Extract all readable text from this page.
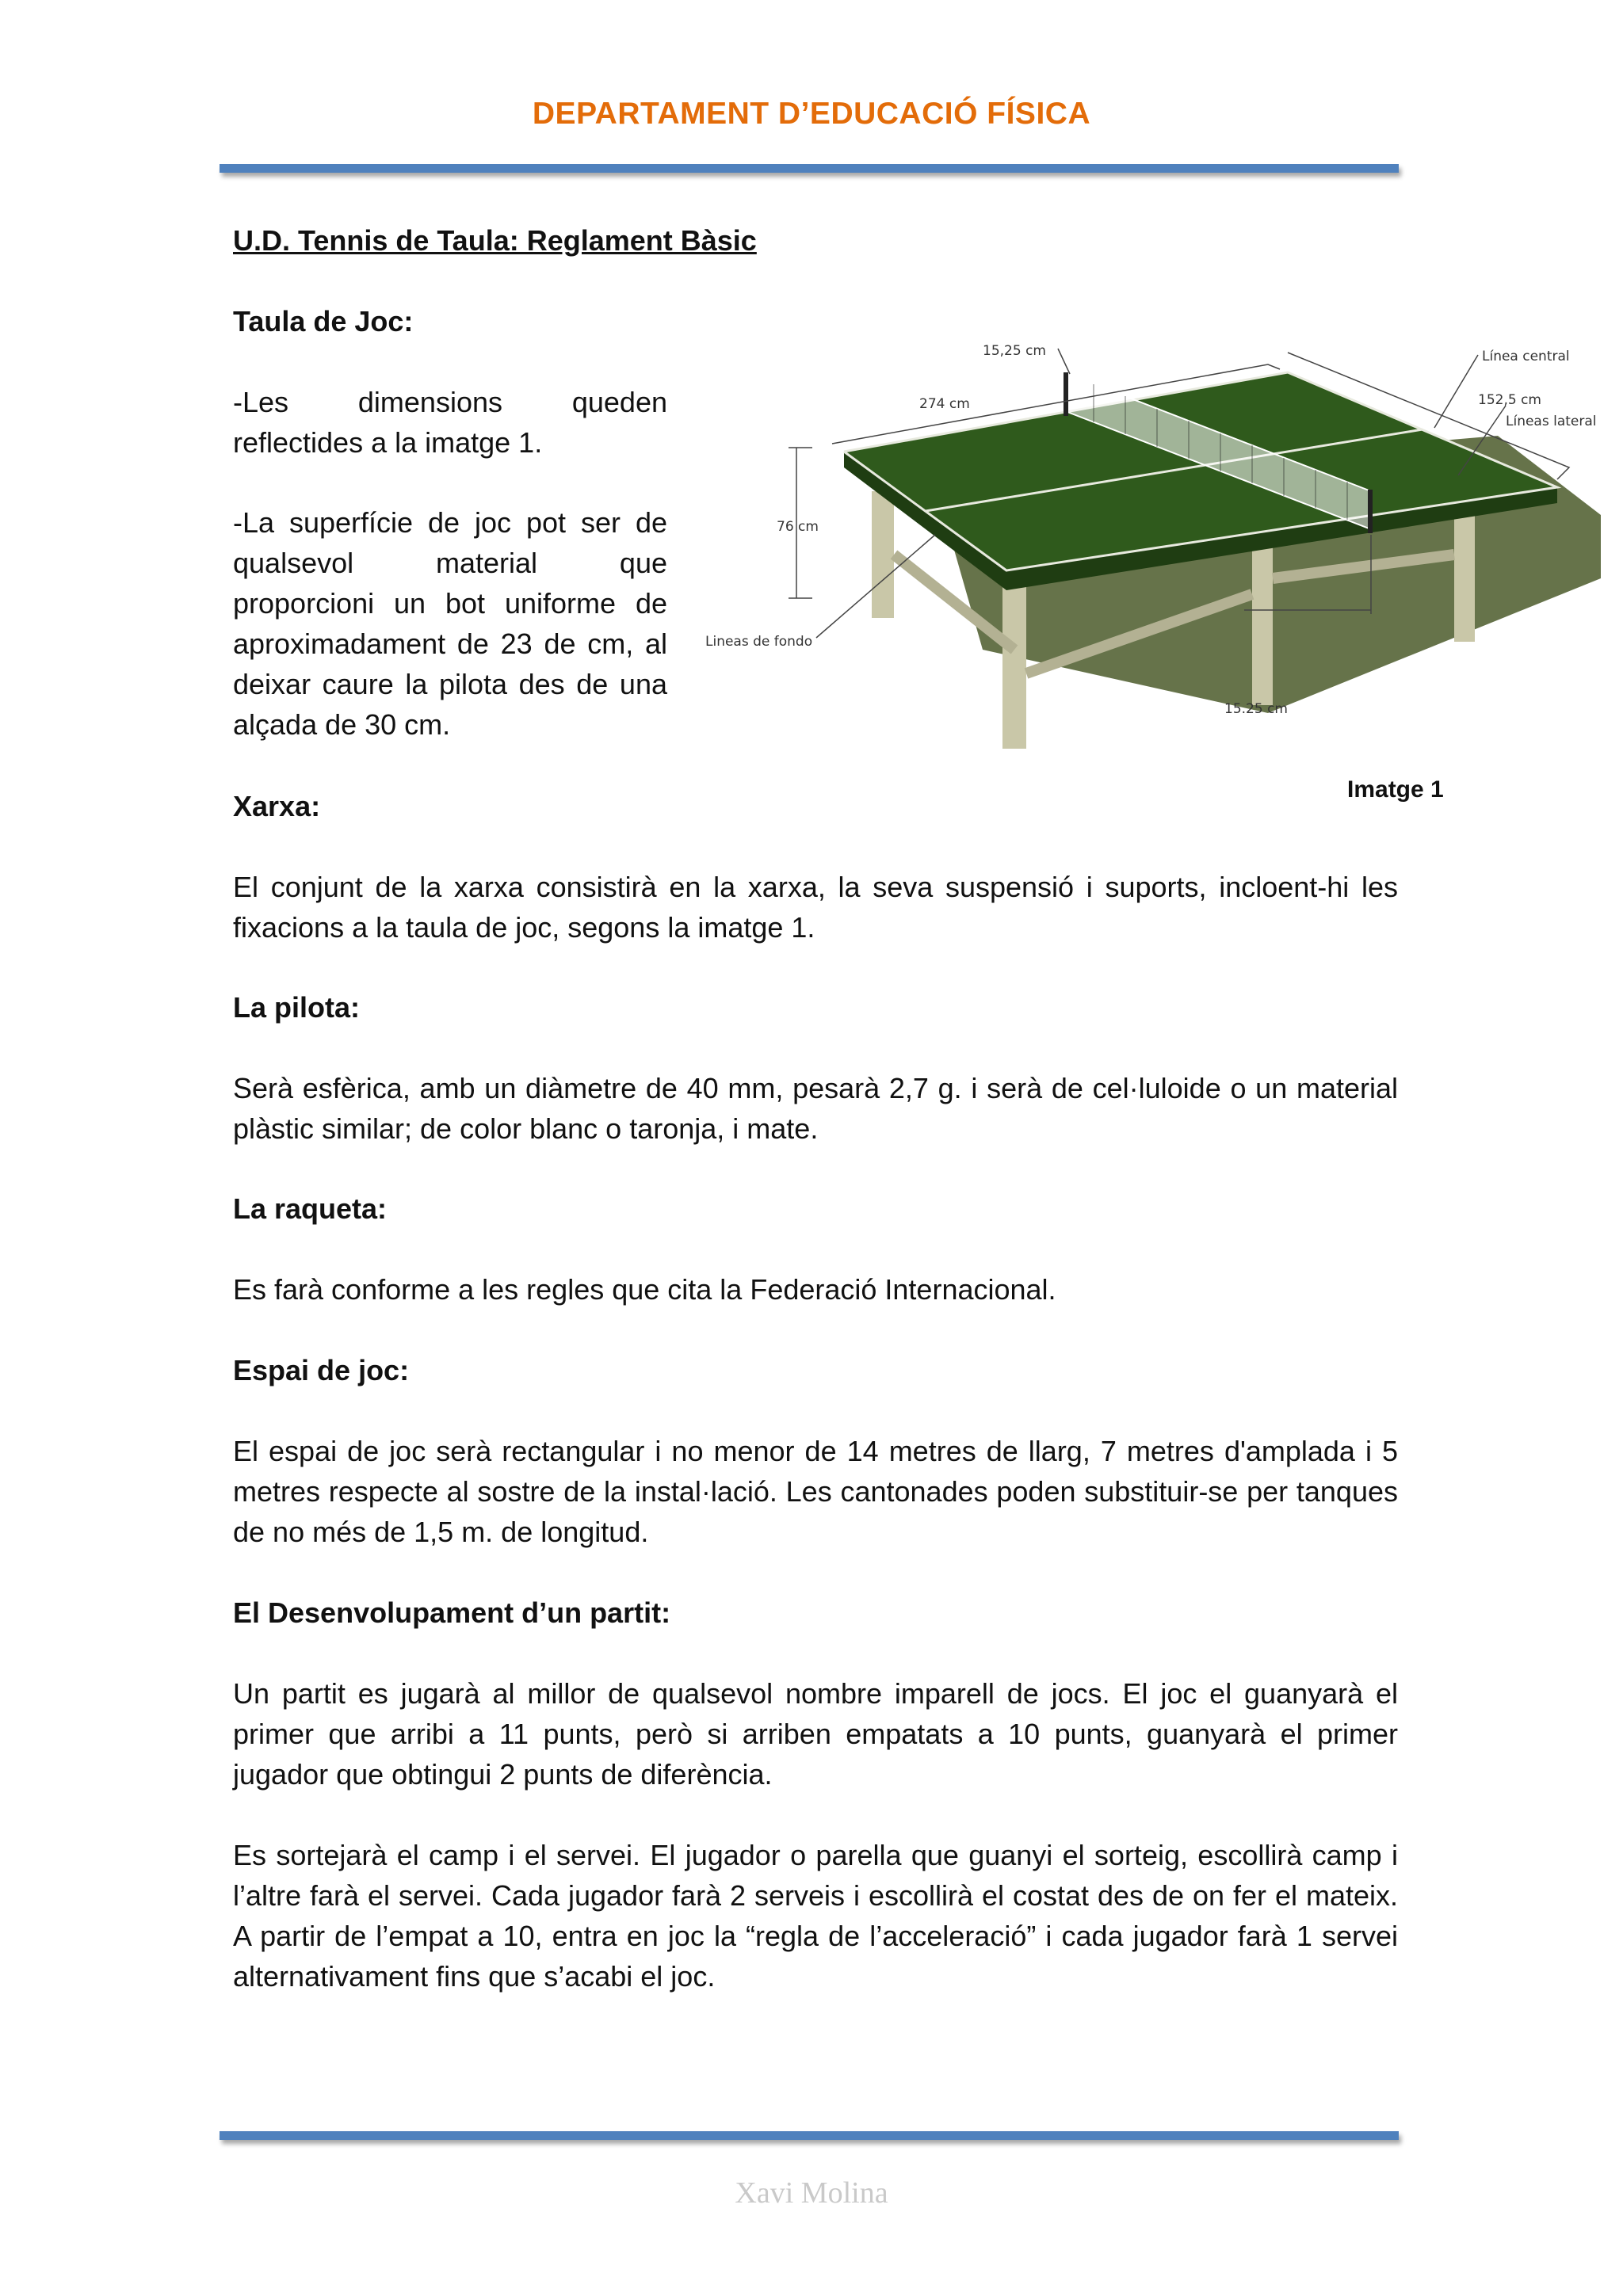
DEPARTAMENT D’EDUCACIÓ FÍSICA
U.D. Tennis de Taula: Reglament Bàsic
Taula de Joc:

-Les dimensions queden reflectides a la imatge 1.

-La superfície de joc pot ser de qualsevol material que proporcioni un bot uniforme de aproximadament de 23 de cm, al deixar caure la pilota des de una alçada de 30 cm.

15,25 cm
274 cm
Línea central
152,5 cm
Líneas lateral
76 cm
Lineas de fondo
15.25 cm
Imatge 1
Xarxa:

El conjunt de la xarxa consistirà en la xarxa, la seva suspensió i suports, incloent-hi les fixacions a la taula de joc, segons la imatge 1.

La pilota:

Serà esfèrica, amb un diàmetre de 40 mm, pesarà 2,7 g. i serà de cel·luloide o un material plàstic similar; de color blanc o taronja, i mate.

La raqueta:

Es farà conforme a les regles que cita la Federació Internacional.

Espai de joc:

El espai de joc serà rectangular i no menor de 14 metres de llarg, 7 metres d'amplada i 5 metres respecte al sostre de la instal·lació. Les cantonades poden substituir-se per tanques de no més de 1,5 m. de longitud.

El Desenvolupament d’un partit:

Un partit es jugarà al millor de qualsevol nombre imparell de jocs. El joc el guanyarà el primer que arribi a 11 punts, però si arriben empatats a 10 punts, guanyarà el primer jugador que obtingui 2 punts de diferència.

Es sortejarà el camp i el servei. El jugador o parella que guanyi el sorteig, escollirà camp i l’altre farà el servei. Cada jugador farà 2 serveis i escollirà el costat des de on fer el mateix. A partir de l’empat a 10, entra en joc la “regla de l’acceleració” i cada jugador farà 1 servei alternativament fins que s’acabi el joc.

Xavi Molina
